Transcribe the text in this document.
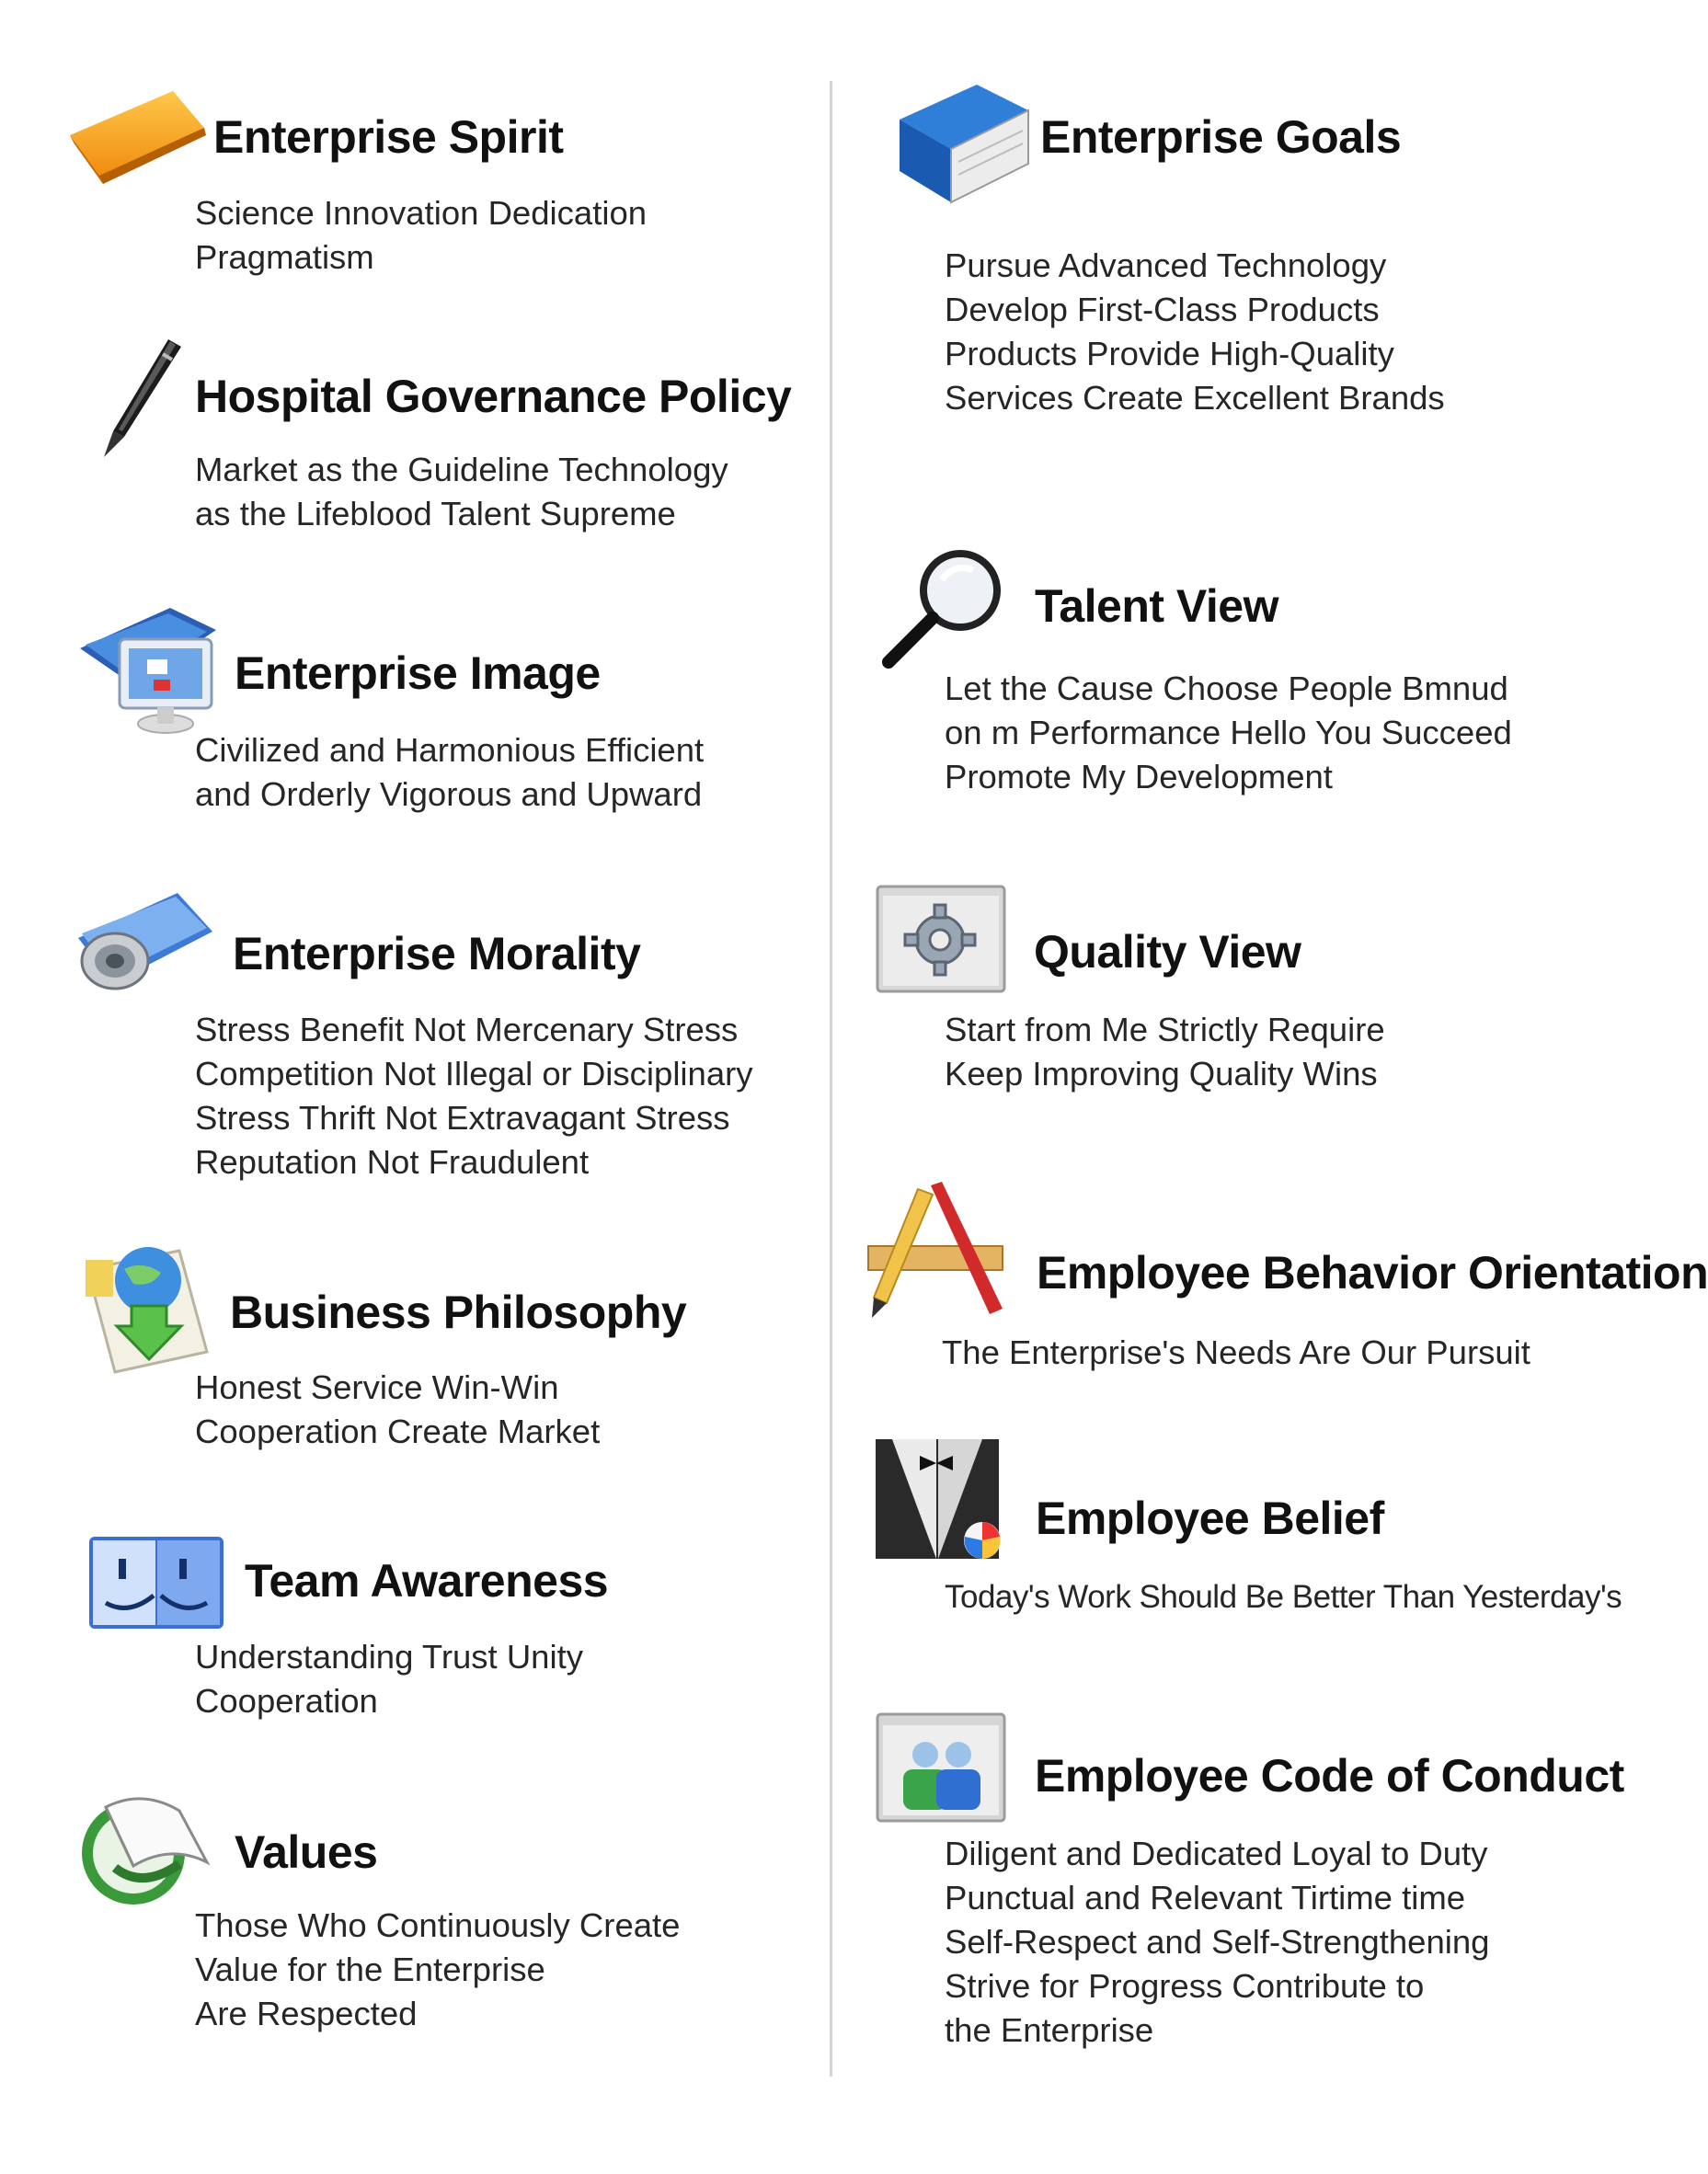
Enterprise Spirit
Science Innovation Dedication
Pragmatism
Hospital Governance Policy
Market as the Guideline Technology
as the Lifeblood Talent Supreme
Enterprise Image
Civilized and Harmonious Efficient
and Orderly Vigorous and Upward
Enterprise Morality
Stress Benefit Not Mercenary Stress
Competition Not Illegal or Disciplinary
Stress Thrift Not Extravagant Stress
Reputation Not Fraudulent
Business Philosophy
Honest Service Win-Win
Cooperation Create Market
Team Awareness
Understanding Trust Unity
Cooperation
Values
Those Who Continuously Create
Value for the Enterprise
Are Respected
Enterprise Goals
Pursue Advanced Technology
Develop First-Class Products
Products Provide High-Quality
Services Create Excellent Brands
Talent View
Let the Cause Choose People Bmnud
on m Performance Hello You Succeed
Promote My Development
Quality View
Start from Me Strictly Require
Keep Improving Quality Wins
Employee Behavior Orientation
The Enterprise's Needs Are Our Pursuit
Employee Belief
Today's Work Should Be Better Than Yesterday's
Employee Code of Conduct
Diligent and Dedicated Loyal to Duty
Punctual and Relevant Tirtime time
Self-Respect and Self-Strengthening
Strive for Progress Contribute to
the Enterprise
